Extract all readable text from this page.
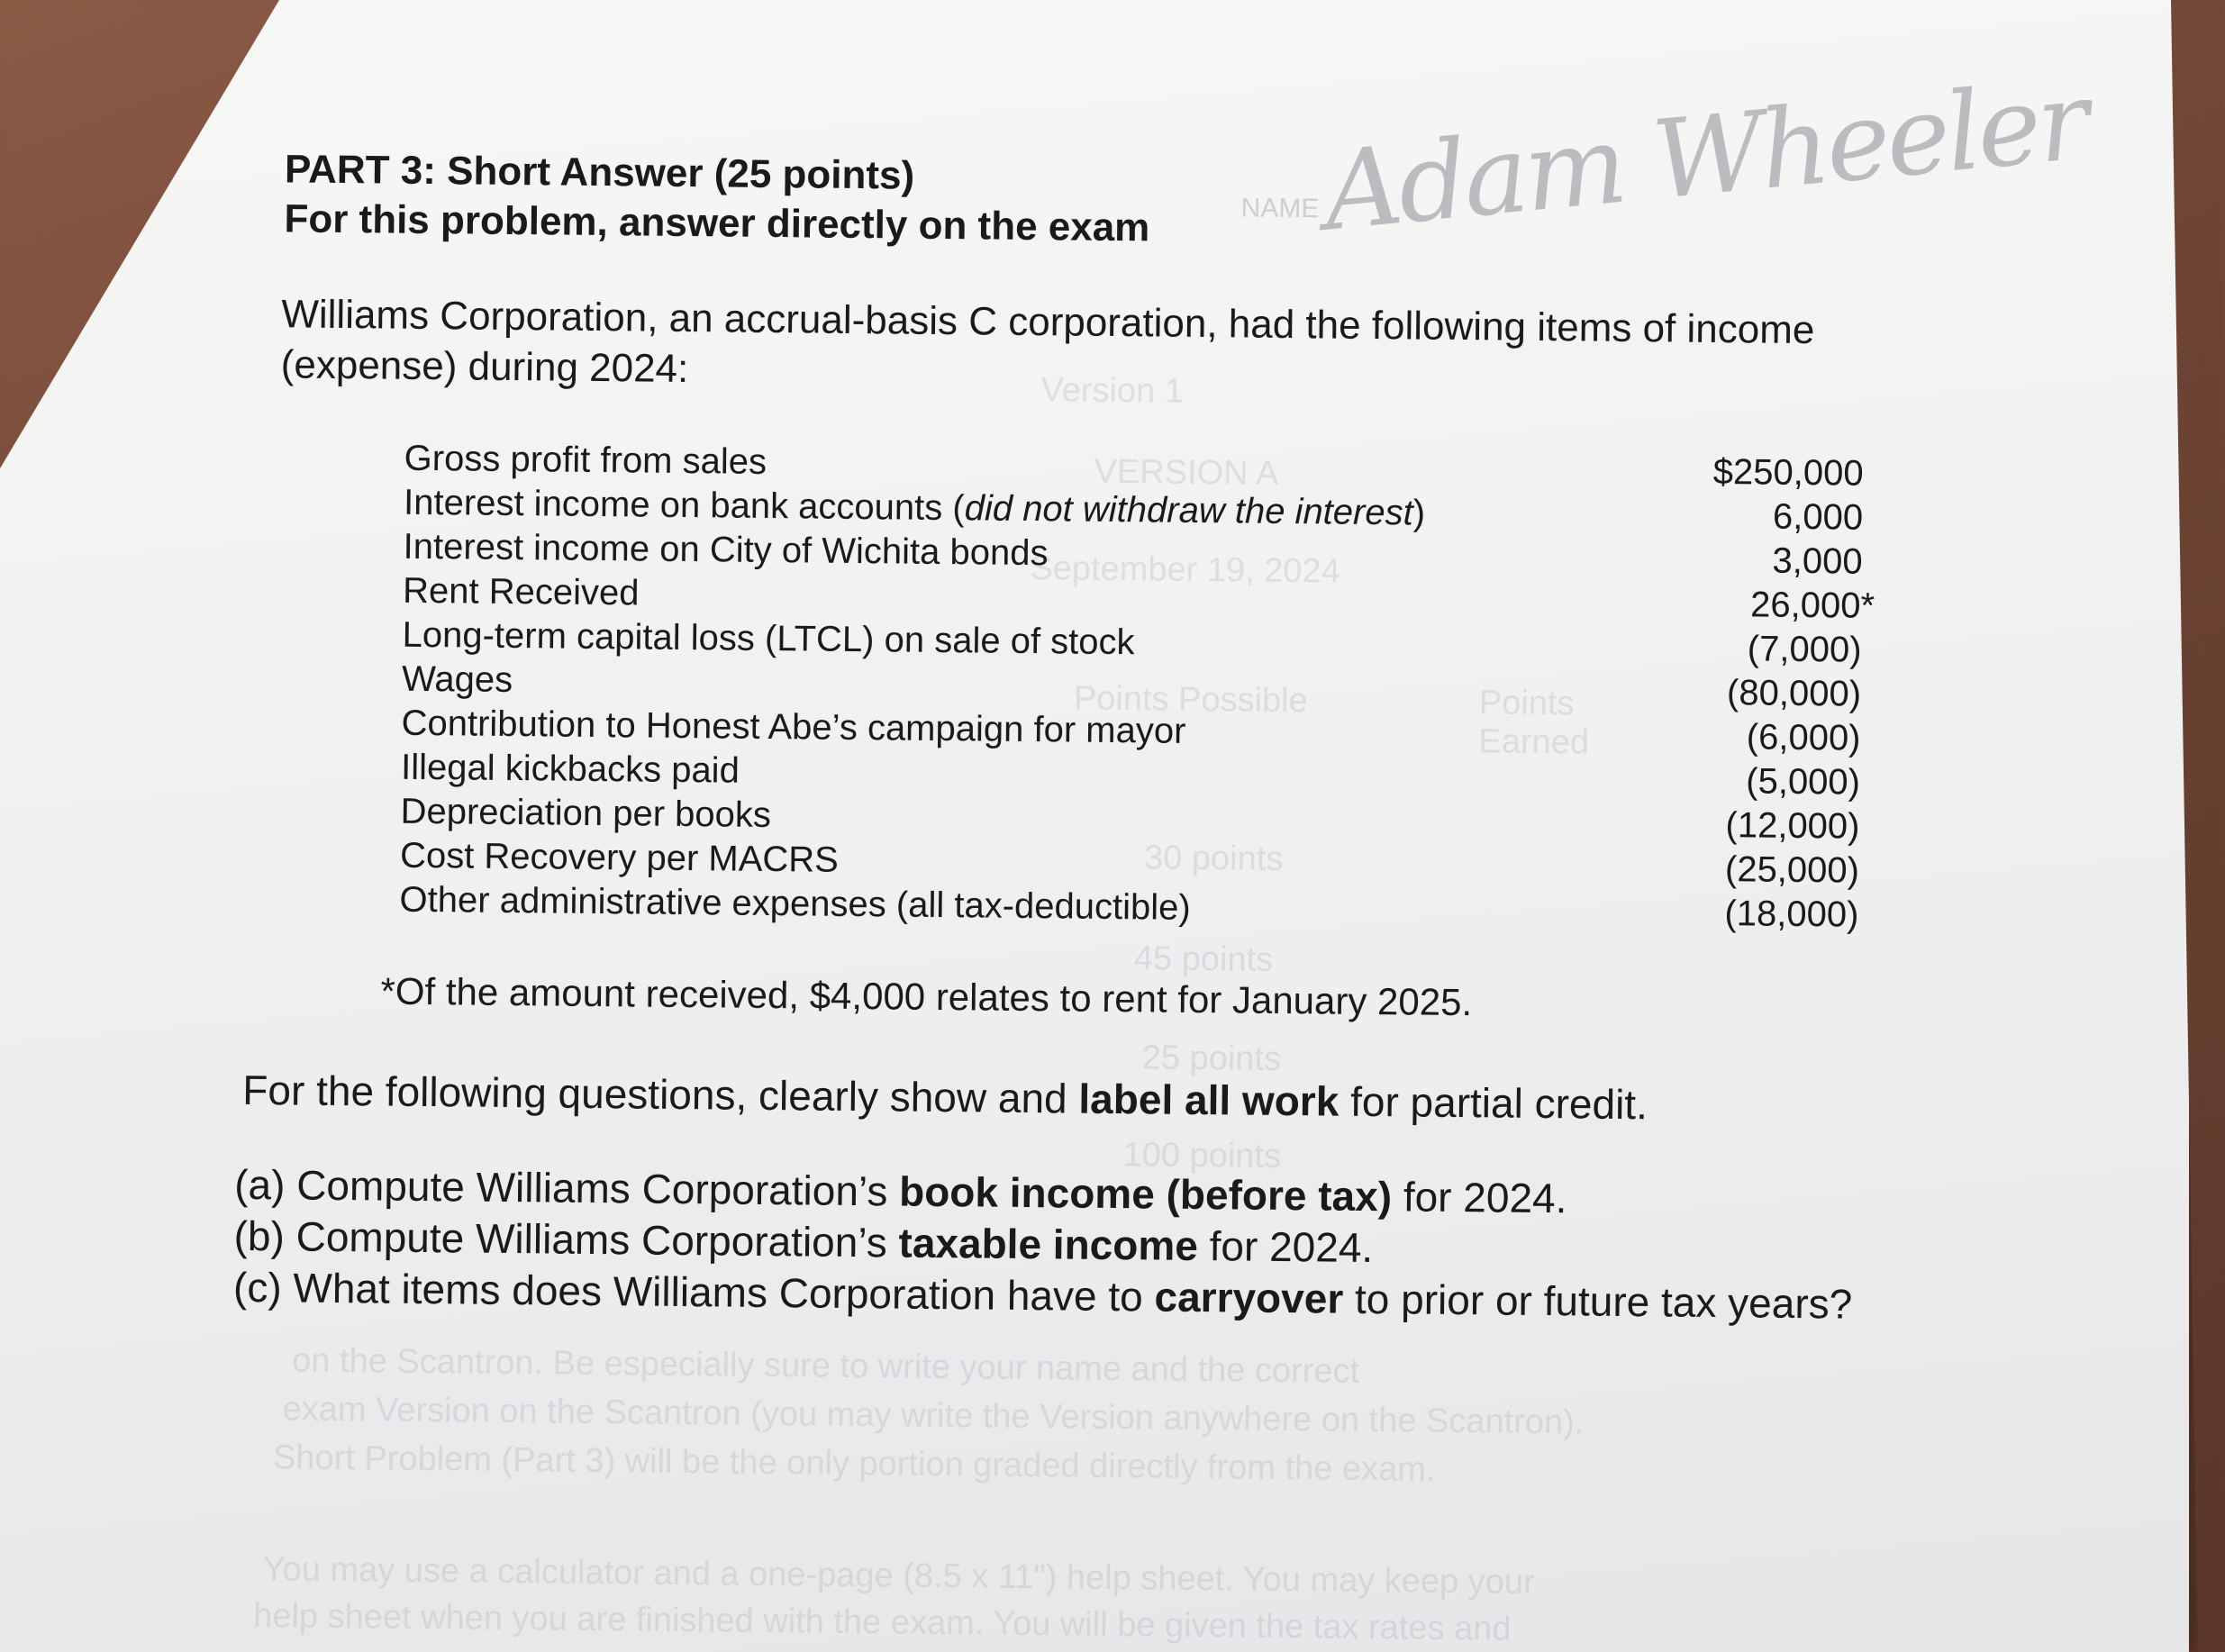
Version 1
VERSION A
September 19, 2024
Points Possible	Points Earned
30 points
45 points
25 points
100 points
on the Scantron. Be especially sure to write your name and the correct
exam Version on the Scantron (you may write the Version anywhere on the Scantron).
Short Problem (Part 3) will be the only portion graded directly from the exam.
You may use a calculator and a one-page (8.5 x 11") help sheet. You may keep your
help sheet when you are finished with the exam. You will be given the tax rates and
NAME Adam Wheeler
PART 3: Short Answer (25 points)
For this problem, answer directly on the exam
Williams Corporation, an accrual-basis C corporation, had the following items of income (expense) during 2024:
Gross profit from sales	$250,000
Interest income on bank accounts (did not withdraw the interest)	6,000
Interest income on City of Wichita bonds	3,000
Rent Received	26,000*
Long-term capital loss (LTCL) on sale of stock	(7,000)
Wages	(80,000)
Contribution to Honest Abe’s campaign for mayor	(6,000)
Illegal kickbacks paid	(5,000)
Depreciation per books	(12,000)
Cost Recovery per MACRS	(25,000)
Other administrative expenses (all tax-deductible)	(18,000)
*Of the amount received, $4,000 relates to rent for January 2025.
For the following questions, clearly show and label all work for partial credit.
(a) Compute Williams Corporation’s book income (before tax) for 2024.
(b) Compute Williams Corporation’s taxable income for 2024.
(c) What items does Williams Corporation have to carryover to prior or future tax years?
